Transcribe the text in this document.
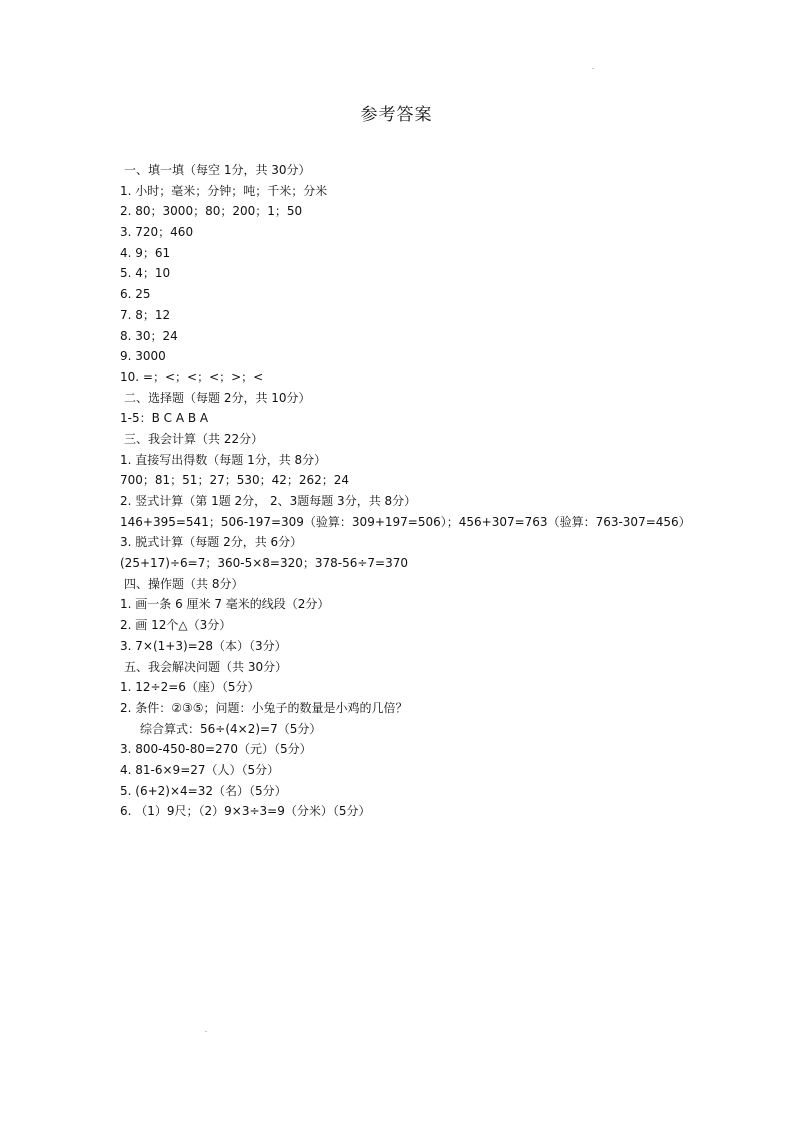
参考答案
一、填一填（每空 1分，共 30分）
1. 小时；毫米；分钟；吨；千米；分米
2. 80；3000；80；200；1；50
3. 720；460
4. 9；61
5. 4；10
6. 25
7. 8；12
8. 30；24
9. 3000
10. =；<；<；<；>；<
二、选择题（每题 2分，共 10分）
1-5：B C A B A
三、我会计算（共 22分）
1. 直接写出得数（每题 1分，共 8分）
700；81；51；27；530；42；262；24
2. 竖式计算（第 1题 2分， 2、3题每题 3分，共 8分）
146+395=541；506-197=309（验算：309+197=506）；456+307=763（验算：763-307=456）
3. 脱式计算（每题 2分，共 6分）
(25+17)÷6=7；360-5×8=320；378-56÷7=370
四、操作题（共 8分）
1. 画一条 6 厘米 7 毫米的线段（2分）
2. 画 12个△（3分）
3. 7×(1+3)=28（本）（3分）
五、我会解决问题（共 30分）
1. 12÷2=6（座）（5分）
2. 条件：②③⑤；问题：小兔子的数量是小鸡的几倍？
综合算式：56÷(4×2)=7（5分）
3. 800-450-80=270（元）（5分）
4. 81-6×9=27（人）（5分）
5. (6+2)×4=32（名）（5分）
6. （1）9尺；（2）9×3÷3=9（分米）（5分）
